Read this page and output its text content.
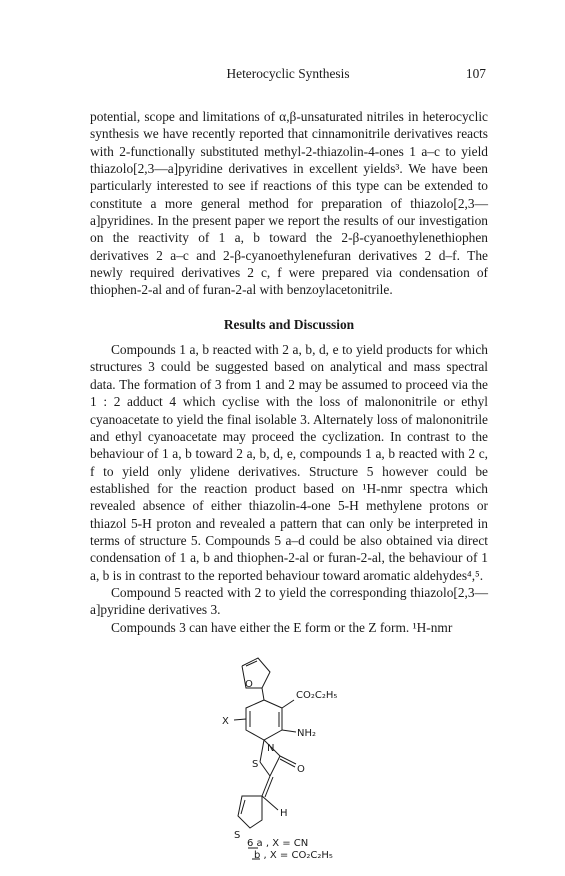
Heterocyclic Synthesis	107

potential, scope and limitations of α,β-unsaturated nitriles in heterocyclic synthesis we have recently reported that cinnamonitrile derivatives reacts with 2-functionally substituted methyl-2-thiazolin-4-ones 1 a–c to yield thiazolo[2,3—a]pyridine derivatives in excellent yields³. We have been particularly interested to see if reactions of this type can be extended to constitute a more general method for preparation of thiazolo[2,3—a]pyridines. In the present paper we report the results of our investigation on the reactivity of 1 a, b toward the 2-β-cyanoethylenethiophen derivatives 2 a–c and 2-β-cyanoethylenefuran derivatives 2 d–f. The newly required derivatives 2 c, f were prepared via condensation of thiophen-2-al and of furan-2-al with benzoylacetonitrile.

Results and Discussion

Compounds 1 a, b reacted with 2 a, b, d, e to yield products for which structures 3 could be suggested based on analytical and mass spectral data. The formation of 3 from 1 and 2 may be assumed to proceed via the 1 : 2 adduct 4 which cyclise with the loss of malononitrile or ethyl cyanoacetate to yield the final isolable 3. Alternately loss of malononitrile and ethyl cyanoacetate may proceed the cyclization. In contrast to the behaviour of 1 a, b toward 2 a, b, d, e, compounds 1 a, b reacted with 2 c, f to yield only ylidene derivatives. Structure 5 however could be established for the reaction product based on ¹H-nmr spectra which revealed absence of either thiazolin-4-one 5-H methylene protons or thiazol 5-H proton and revealed a pattern that can only be interpreted in terms of structure 5. Compounds 5 a–d could be also obtained via direct condensation of 1 a, b and thiophen-2-al or furan-2-al, the behaviour of 1 a, b is in contrast to the reported behaviour toward aromatic aldehydes⁴,⁵.

Compound 5 reacted with 2 to yield the corresponding thiazolo[2,3—a]pyridine derivatives 3.

Compounds 3 can have either the E form or the Z form. ¹H-nmr

O
CO₂C₂H₅
X
NH₂
N
S	O
H
S
6 a , X = CN
b , X = CO₂C₂H₅
